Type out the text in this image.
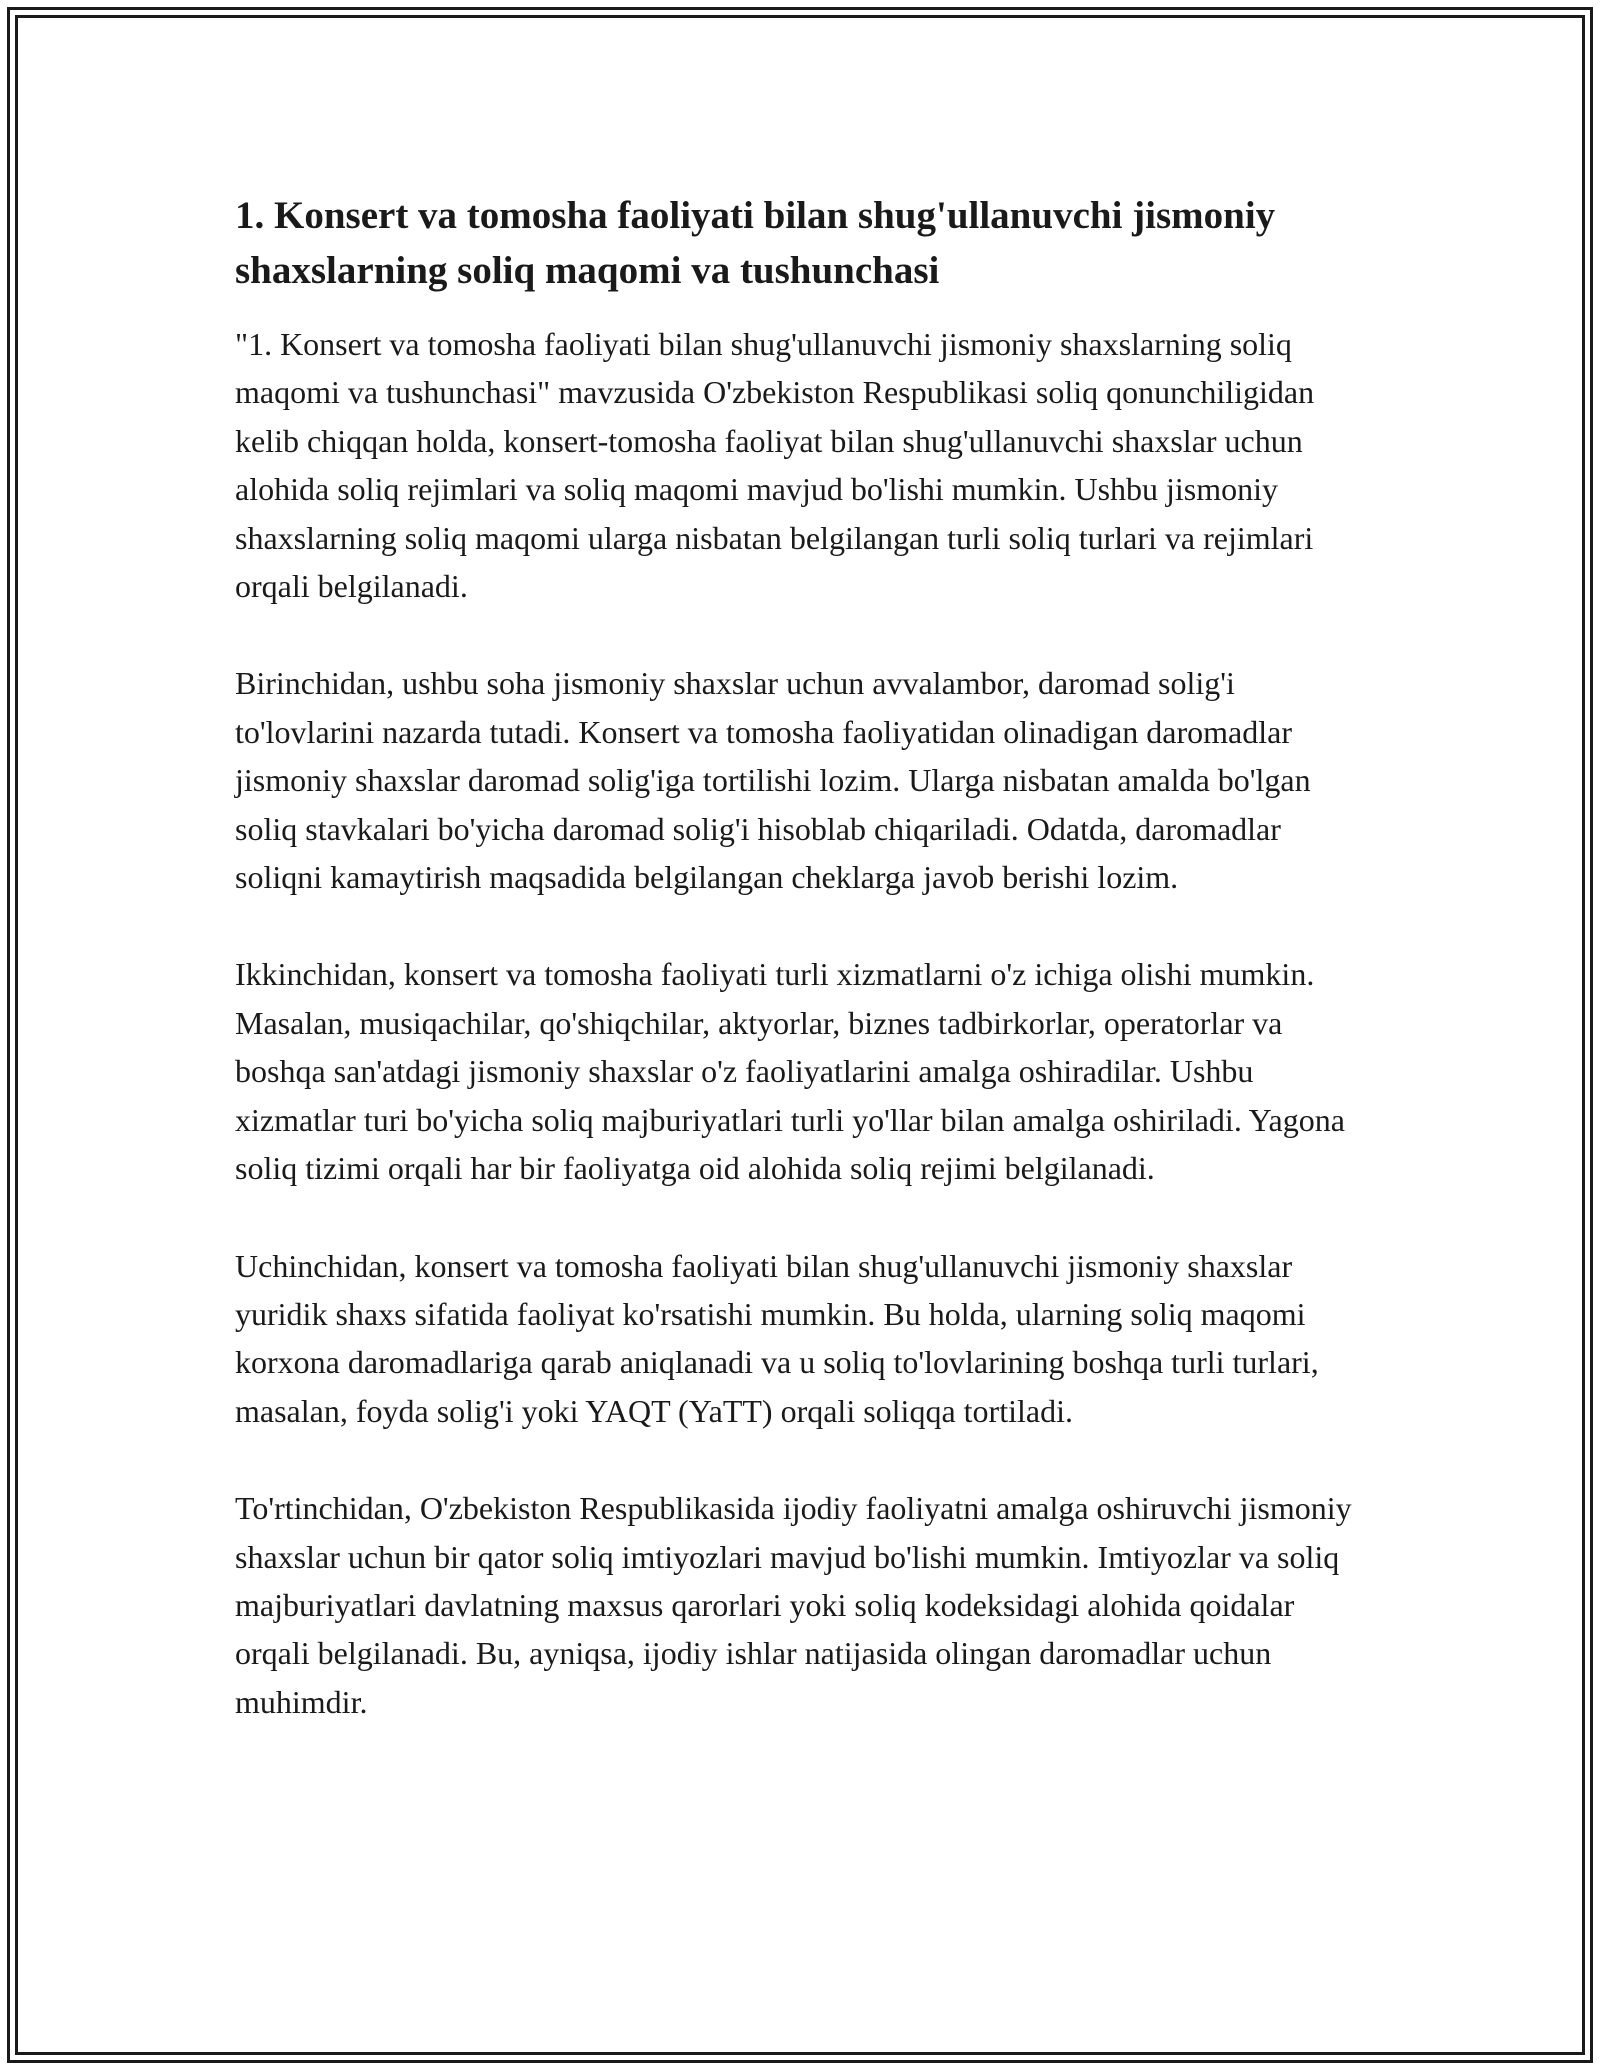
1. Konsert va tomosha faoliyati bilan shug'ullanuvchi jismoniy shaxslarning soliq maqomi va tushunchasi

"1. Konsert va tomosha faoliyati bilan shug'ullanuvchi jismoniy shaxslarning soliq maqomi va tushunchasi" mavzusida O'zbekiston Respublikasi soliq qonunchiligidan kelib chiqqan holda, konsert-tomosha faoliyat bilan shug'ullanuvchi shaxslar uchun alohida soliq rejimlari va soliq maqomi mavjud bo'lishi mumkin. Ushbu jismoniy shaxslarning soliq maqomi ularga nisbatan belgilangan turli soliq turlari va rejimlari orqali belgilanadi.

Birinchidan, ushbu soha jismoniy shaxslar uchun avvalambor, daromad solig'i to'lovlarini nazarda tutadi. Konsert va tomosha faoliyatidan olinadigan daromadlar jismoniy shaxslar daromad solig'iga tortilishi lozim. Ularga nisbatan amalda bo'lgan soliq stavkalari bo'yicha daromad solig'i hisoblab chiqariladi. Odatda, daromadlar soliqni kamaytirish maqsadida belgilangan cheklarga javob berishi lozim.

Ikkinchidan, konsert va tomosha faoliyati turli xizmatlarni o'z ichiga olishi mumkin. Masalan, musiqachilar, qo'shiqchilar, aktyorlar, biznes tadbirkorlar, operatorlar va boshqa san'atdagi jismoniy shaxslar o'z faoliyatlarini amalga oshiradilar. Ushbu xizmatlar turi bo'yicha soliq majburiyatlari turli yo'llar bilan amalga oshiriladi. Yagona soliq tizimi orqali har bir faoliyatga oid alohida soliq rejimi belgilanadi.

Uchinchidan, konsert va tomosha faoliyati bilan shug'ullanuvchi jismoniy shaxslar yuridik shaxs sifatida faoliyat ko'rsatishi mumkin. Bu holda, ularning soliq maqomi korxona daromadlariga qarab aniqlanadi va u soliq to'lovlarining boshqa turli turlari, masalan, foyda solig'i yoki YAQT (YaTT) orqali soliqqa tortiladi.

To'rtinchidan, O'zbekiston Respublikasida ijodiy faoliyatni amalga oshiruvchi jismoniy shaxslar uchun bir qator soliq imtiyozlari mavjud bo'lishi mumkin. Imtiyozlar va soliq majburiyatlari davlatning maxsus qarorlari yoki soliq kodeksidagi alohida qoidalar orqali belgilanadi. Bu, ayniqsa, ijodiy ishlar natijasida olingan daromadlar uchun muhimdir.
